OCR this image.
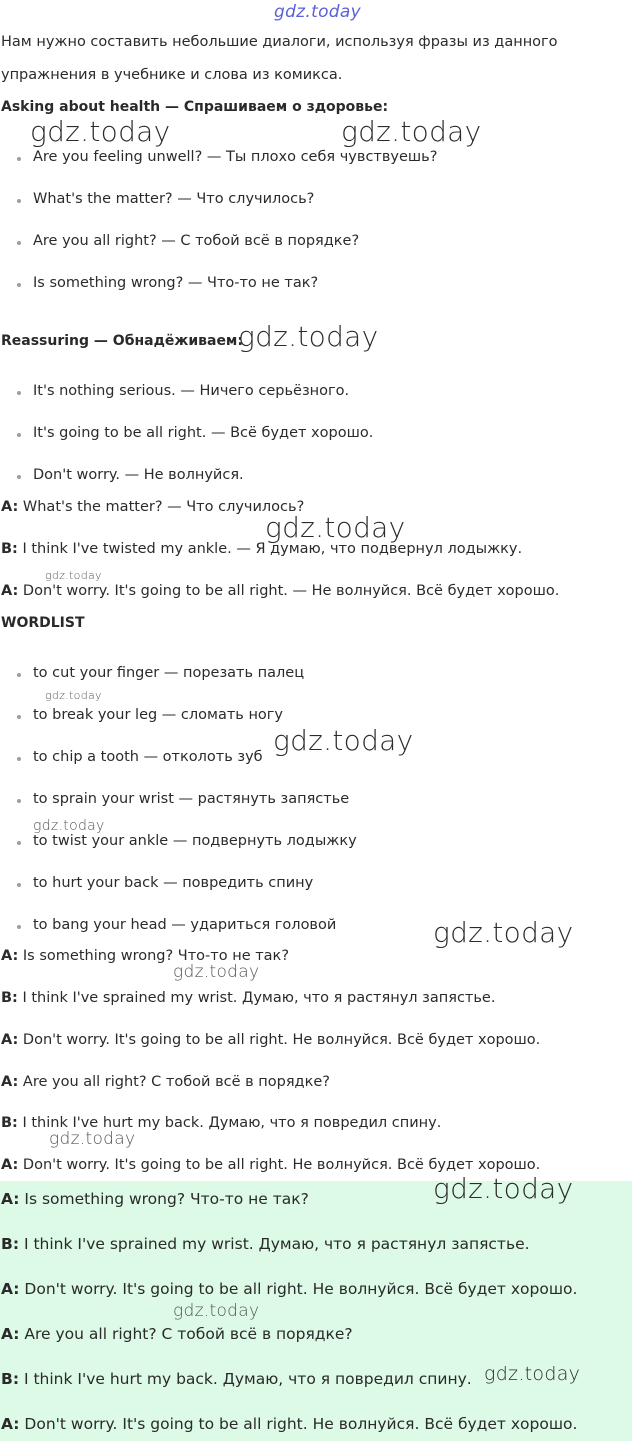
Нам нужно составить небольшие диалоги, используя фразы из данного
упражнения в учебнике и слова из комикса.
Asking about health — Спрашиваем о здоровье:
Are you feeling unwell? — Ты плохо себя чувствуешь?
What's the matter? — Что случилось?
Are you all right? — С тобой всё в порядке?
Is something wrong? — Что-то не так?
Reassuring — Обнадёживаем:
It's nothing serious. — Ничего серьёзного.
It's going to be all right. — Всё будет хорошо.
Don't worry. — Не волнуйся.
A: What's the matter? — Что случилось?
B: I think I've twisted my ankle. — Я думаю, что подвернул лодыжку.
A: Don't worry. It's going to be all right. — Не волнуйся. Всё будет хорошо.
WORDLIST
to cut your finger — порезать палец
to break your leg — сломать ногу
to chip a tooth — отколоть зуб
to sprain your wrist — растянуть запястье
to twist your ankle — подвернуть лодыжку
to hurt your back — повредить спину
to bang your head — удариться головой
A: Is something wrong? Что-то не так?
B: I think I've sprained my wrist. Думаю, что я растянул запястье.
A: Don't worry. It's going to be all right. Не волнуйся. Всё будет хорошо.
A: Are you all right? С тобой всё в порядке?
B: I think I've hurt my back. Думаю, что я повредил спину.
A: Don't worry. It's going to be all right. Не волнуйся. Всё будет хорошо.
A: Is something wrong? Что-то не так?
B: I think I've sprained my wrist. Думаю, что я растянул запястье.
A: Don't worry. It's going to be all right. Не волнуйся. Всё будет хорошо.
A: Are you all right? С тобой всё в порядке?
B: I think I've hurt my back. Думаю, что я повредил спину.
A: Don't worry. It's going to be all right. Не волнуйся. Всё будет хорошо.
gdz.today
gdz.today	gdz.today
gdz.today
gdz.today
gdz.today
gdz.today
gdz.today
gdz.today
gdz.today
gdz.today
gdz.today
gdz.today
gdz.today
gdz.today
